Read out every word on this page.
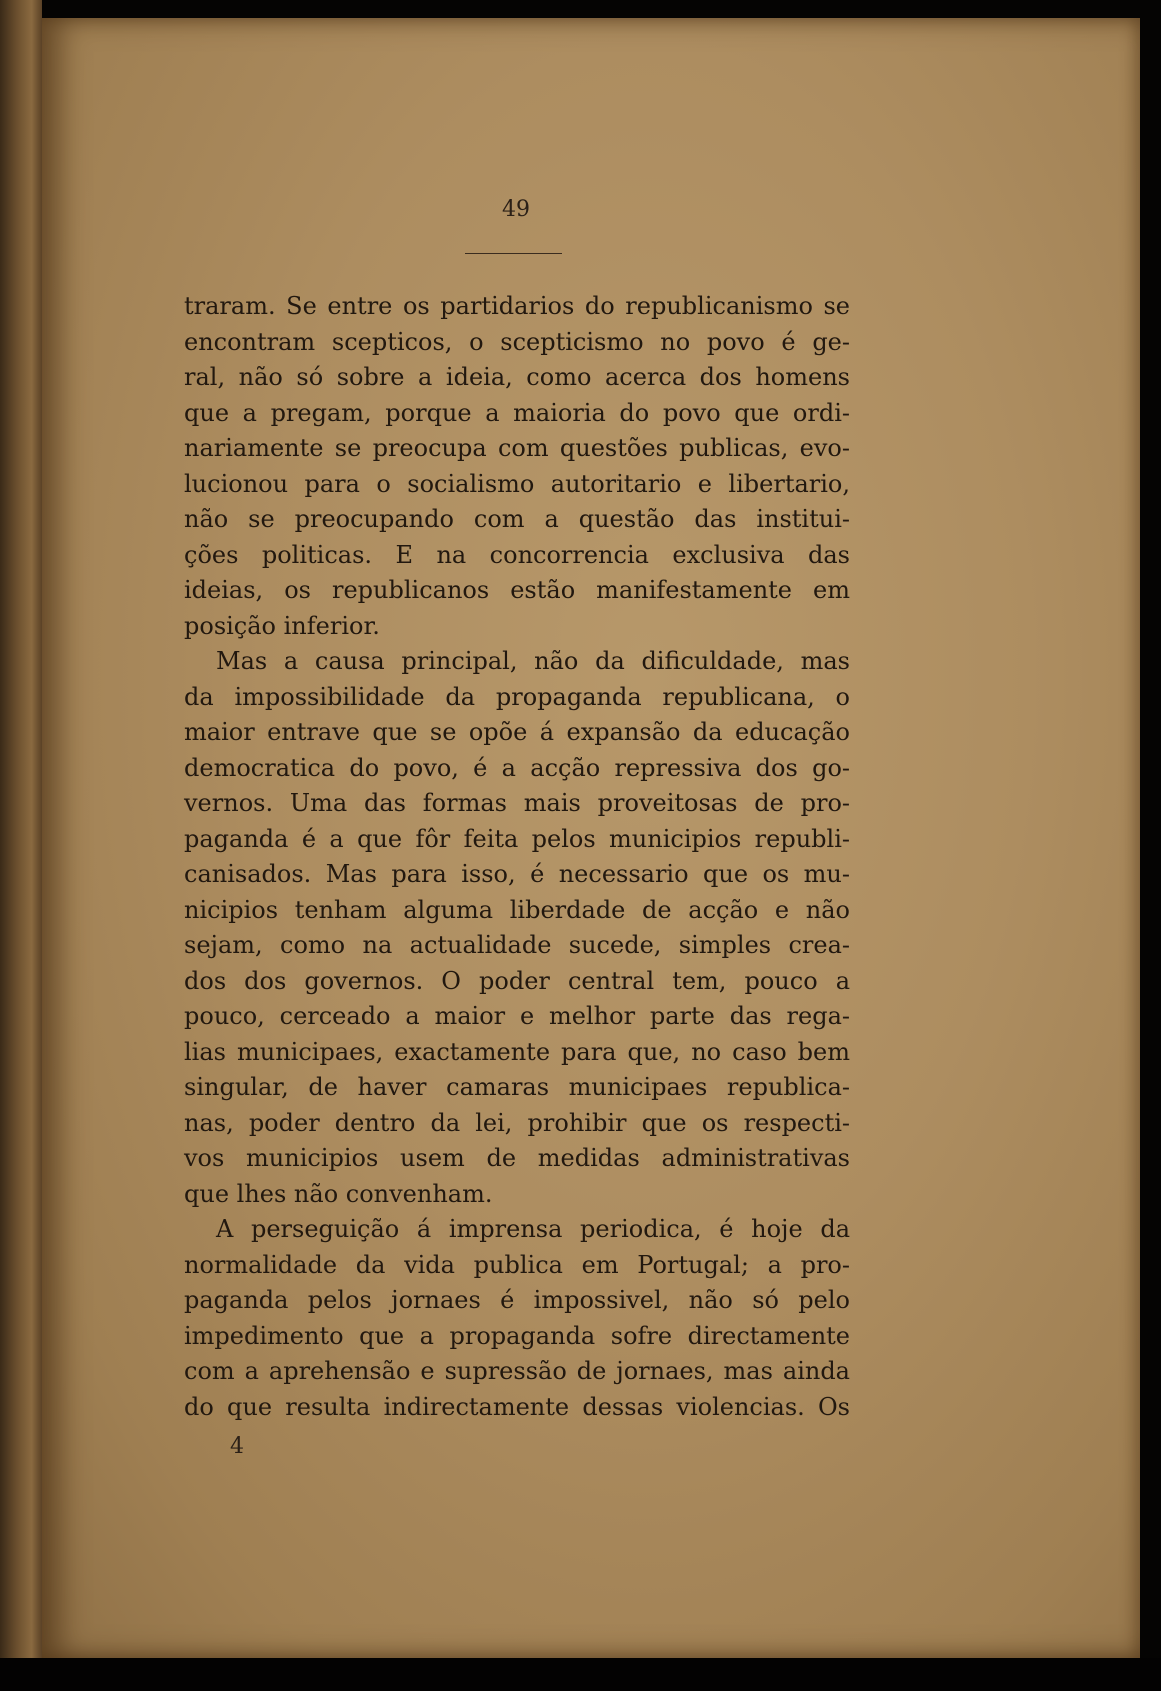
49
traram. Se entre os partidarios do republicanismo se
encontram scepticos, o scepticismo no povo é ge-
ral, não só sobre a ideia, como acerca dos homens
que a pregam, porque a maioria do povo que ordi-
nariamente se preocupa com questões publicas, evo-
lucionou para o socialismo autoritario e libertario,
não se preocupando com a questão das institui-
ções politicas. E na concorrencia exclusiva das
ideias, os republicanos estão manifestamente em
posição inferior.
Mas a causa principal, não da dificuldade, mas
da impossibilidade da propaganda republicana, o
maior entrave que se opõe á expansão da educação
democratica do povo, é a acção repressiva dos go-
vernos. Uma das formas mais proveitosas de pro-
paganda é a que fôr feita pelos municipios republi-
canisados. Mas para isso, é necessario que os mu-
nicipios tenham alguma liberdade de acção e não
sejam, como na actualidade sucede, simples crea-
dos dos governos. O poder central tem, pouco a
pouco, cerceado a maior e melhor parte das rega-
lias municipaes, exactamente para que, no caso bem
singular, de haver camaras municipaes republica-
nas, poder dentro da lei, prohibir que os respecti-
vos municipios usem de medidas administrativas
que lhes não convenham.
A perseguição á imprensa periodica, é hoje da
normalidade da vida publica em Portugal; a pro-
paganda pelos jornaes é impossivel, não só pelo
impedimento que a propaganda sofre directamente
com a aprehensão e supressão de jornaes, mas ainda
do que resulta indirectamente dessas violencias. Os
4
